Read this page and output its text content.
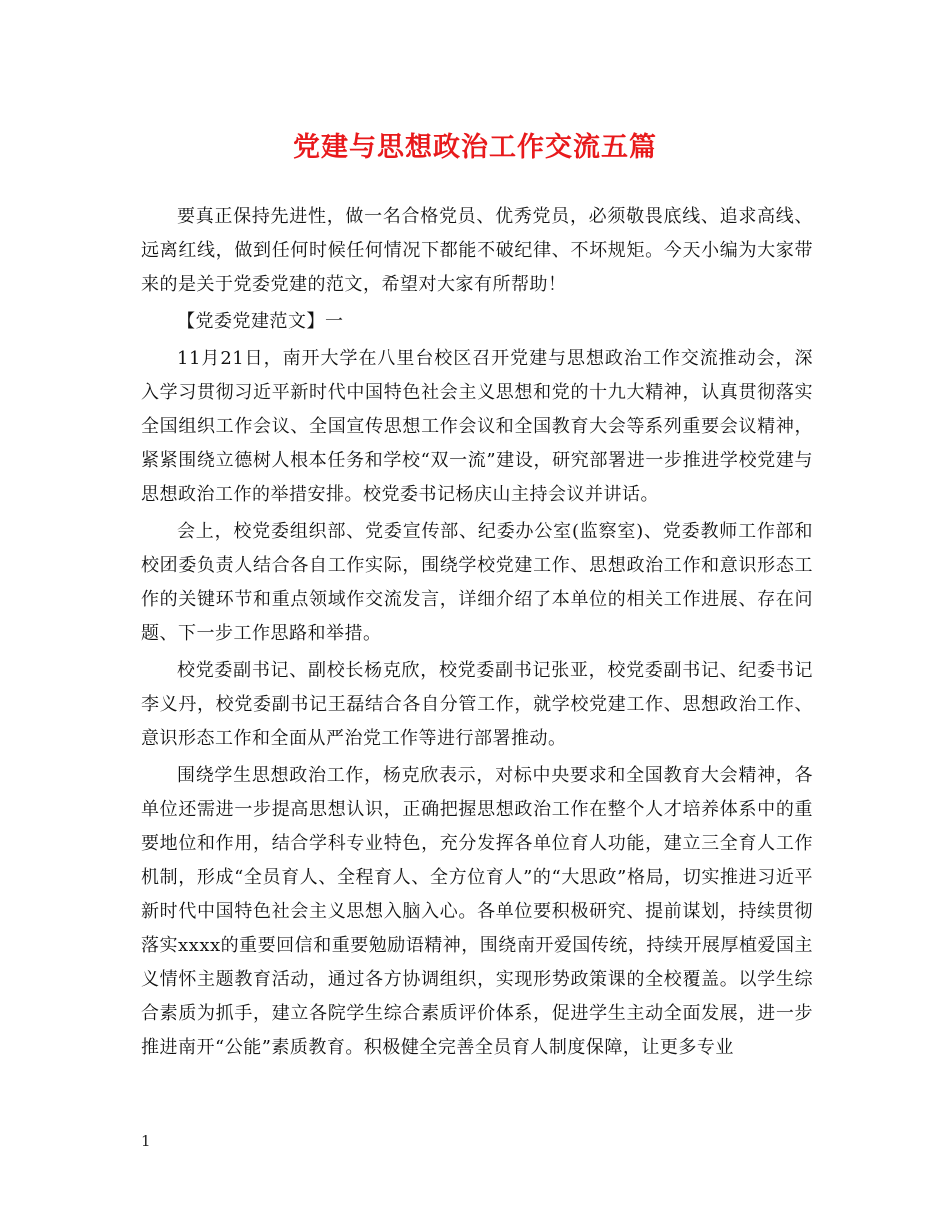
党建与思想政治工作交流五篇

要真正保持先进性，做一名合格党员、优秀党员，必须敬畏底线、追求高线、远离红线，做到任何时候任何情况下都能不破纪律、不坏规矩。今天小编为大家带来的是关于党委党建的范文，希望对大家有所帮助！

【党委党建范文】一

11月21日，南开大学在八里台校区召开党建与思想政治工作交流推动会，深入学习贯彻习近平新时代中国特色社会主义思想和党的十九大精神，认真贯彻落实全国组织工作会议、全国宣传思想工作会议和全国教育大会等系列重要会议精神，紧紧围绕立德树人根本任务和学校“双一流”建设，研究部署进一步推进学校党建与思想政治工作的举措安排。校党委书记杨庆山主持会议并讲话。

会上，校党委组织部、党委宣传部、纪委办公室(监察室)、党委教师工作部和校团委负责人结合各自工作实际，围绕学校党建工作、思想政治工作和意识形态工作的关键环节和重点领域作交流发言，详细介绍了本单位的相关工作进展、存在问题、下一步工作思路和举措。

校党委副书记、副校长杨克欣，校党委副书记张亚，校党委副书记、纪委书记李义丹，校党委副书记王磊结合各自分管工作，就学校党建工作、思想政治工作、意识形态工作和全面从严治党工作等进行部署推动。

围绕学生思想政治工作，杨克欣表示，对标中央要求和全国教育大会精神，各单位还需进一步提高思想认识，正确把握思想政治工作在整个人才培养体系中的重要地位和作用，结合学科专业特色，充分发挥各单位育人功能，建立三全育人工作机制，形成“全员育人、全程育人、全方位育人”的“大思政”格局，切实推进习近平新时代中国特色社会主义思想入脑入心。各单位要积极研究、提前谋划，持续贯彻落实xxxx的重要回信和重要勉励语精神，围绕南开爱国传统，持续开展厚植爱国主义情怀主题教育活动，通过各方协调组织，实现形势政策课的全校覆盖。以学生综合素质为抓手，建立各院学生综合素质评价体系，促进学生主动全面发展，进一步推进南开“公能”素质教育。积极健全完善全员育人制度保障，让更多专业

1
